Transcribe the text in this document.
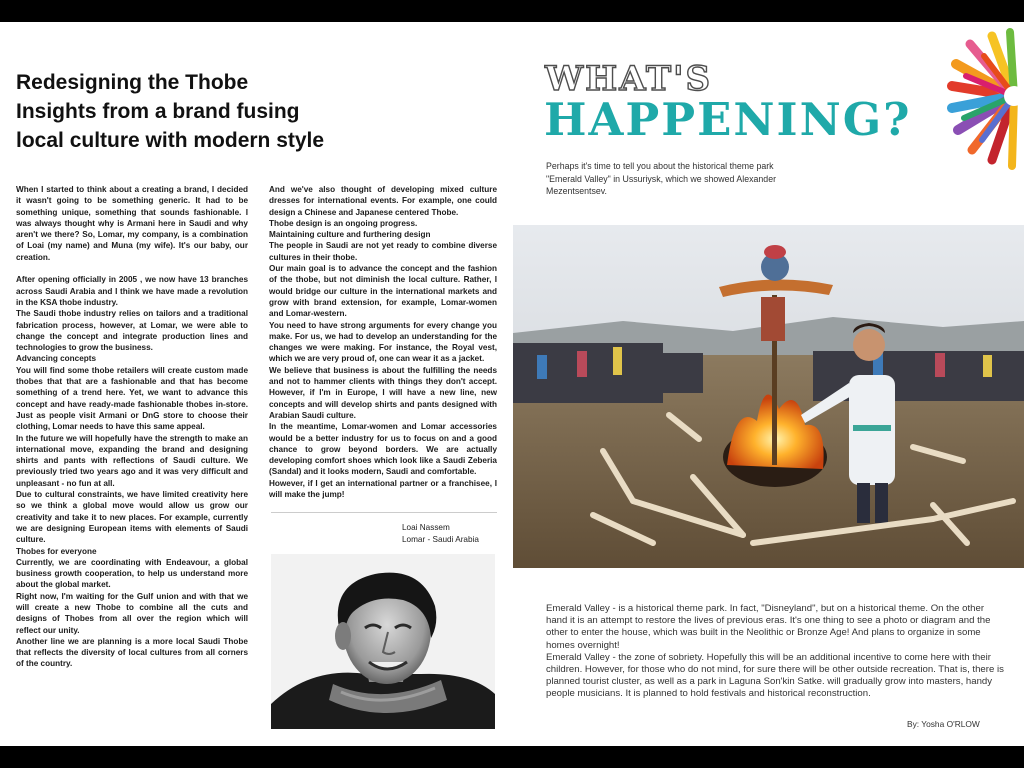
Redesigning the Thobe
Insights from a brand fusing
local culture with modern style

When I started to think about a creating a brand, I decided it wasn't going to be something generic. It had to be something unique, something that sounds fashionable. I was always thought why is Armani here in Saudi and why aren't we there? So, Lomar, my company, is a combination of Loai (my name) and Muna (my wife). It's our baby, our creation.

After opening officially in 2005 , we now have 13 branches across Saudi Arabia and I think we have made a revolution in the KSA thobe industry.

The Saudi thobe industry relies on tailors and a traditional fabrication process, however, at Lomar, we were able to change the concept and integrate production lines and technologies to grow the business.

Advancing concepts

You will find some thobe retailers will create custom made thobes that that are a fashionable and that has become something of a trend here. Yet, we want to advance this concept and have ready-made fashionable thobes in-store. Just as people visit Armani or DnG store to choose their clothing, Lomar needs to have this same appeal.

In the future we will hopefully have the strength to make an international move, expanding the brand and designing shirts and pants with reflections of Saudi culture. We previously tried two years ago and it was very difficult and unpleasant - no fun at all.

Due to cultural constraints, we have limited creativity here so we think a global move would allow us grow our creativity and take it to new places. For example, currently we are designing European items with elements of Saudi culture.

Thobes for everyone

Currently, we are coordinating with Endeavour, a global business growth cooperation, to help us understand more about the global market.

Right now, I'm waiting for the Gulf union and with that we will create a new Thobe to combine all the cuts and designs of Thobes from all over the region which will reflect our unity.

Another line we are planning is a more local Saudi Thobe that reflects the diversity of local cultures from all corners of the country.

And we've also thought of developing mixed culture dresses for international events. For example, one could design a Chinese and Japanese centered Thobe.

Thobe design is an ongoing progress.

Maintaining culture and furthering design

The people in Saudi are not yet ready to combine diverse cultures in their thobe.

Our main goal is to advance the concept and the fashion of the thobe, but not diminish the local culture. Rather, I would bridge our culture in the international markets and grow with brand extension, for example, Lomar-women and Lomar-western.

You need to have strong arguments for every change you make. For us, we had to develop an understanding for the changes we were making. For instance, the Royal vest, which we are very proud of, one can wear it as a jacket.

We believe that business is about the fulfilling the needs and not to hammer clients with things they don't accept. However, if I'm in Europe, I will have a new line, new concepts and will develop shirts and pants designed with Arabian Saudi culture.

In the meantime, Lomar-women and Lomar accessories would be a better industry for us to focus on and a good chance to grow beyond borders. We are actually developing comfort shoes which look like a Saudi Zeberia (Sandal) and it looks modern, Saudi and comfortable.

However, if I get an international partner or a franchisee, I will make the jump!

Loai Nassem
Lomar - Saudi Arabia
WHAT'S
HAPPENING?

Perhaps it's time to tell you about the historical theme park "Emerald Valley" in Ussuriysk, which we showed Alexander Mezentsentsev.

Emerald Valley - is a historical theme park. In fact, "Disneyland", but on a historical theme. On the other hand it is an attempt to restore the lives of previous eras. It's one thing to see a photo or diagram and the other to enter the house, which was built in the Neolithic or Bronze Age! And plans to organize in some homes overnight!

Emerald Valley - the zone of sobriety. Hopefully this will be an additional incentive to come here with their children. However, for those who do not mind, for sure there will be other outside recreation. That is, there is planned tourist cluster, as well as a park in Laguna Son'kin Satke. will gradually grow into masters, handy people musicians. It is planned to hold festivals and historical reconstruction.

By: Yosha O'RLOW
